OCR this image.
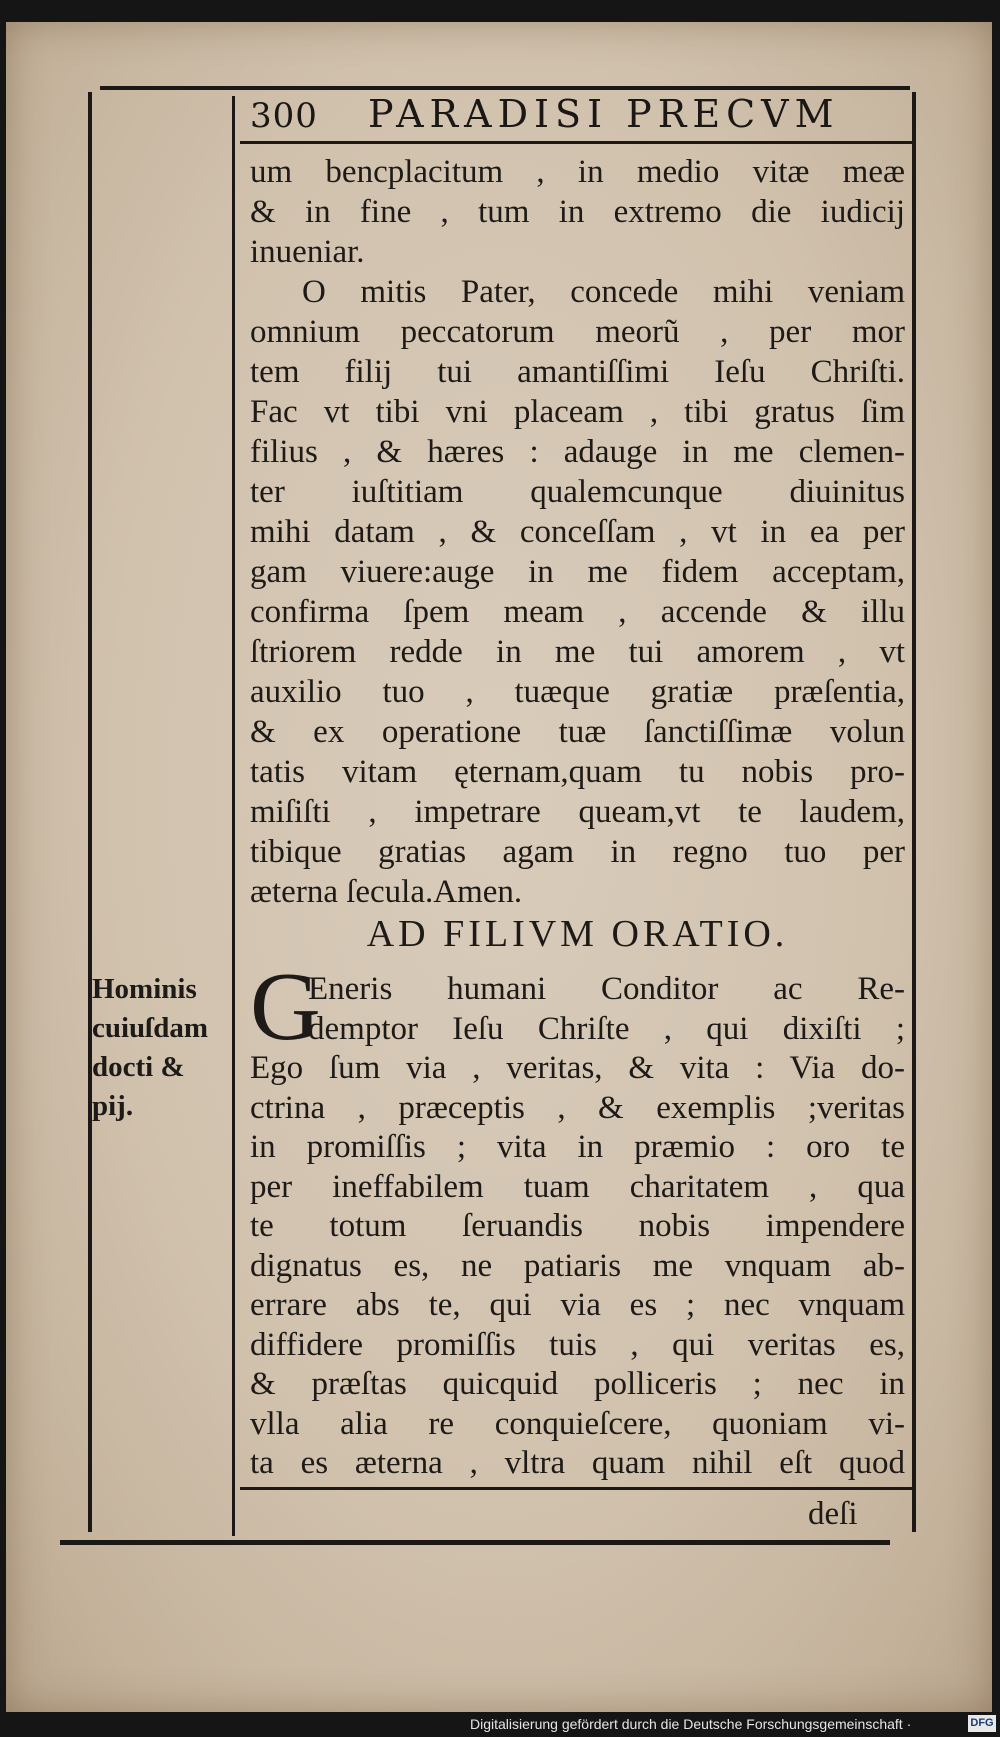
300 PARADISI PRECVM
um bencplacitum , in medio vitæ meæ
& in fine , tum in extremo die iudicij
inueniar.
O mitis Pater, concede mihi veniam
omnium peccatorum meorũ , per mor
tem filij tui amantiſſimi Ieſu Chriſti.
Fac vt tibi vni placeam , tibi gratus ſim
filius , & hæres : adauge in me clemen-
ter iuſtitiam qualemcunque diuinitus
mihi datam , & conceſſam , vt in ea per
gam viuere:auge in me fidem acceptam,
confirma ſpem meam , accende & illu
ſtriorem redde in me tui amorem , vt
auxilio tuo , tuæque gratiæ præſentia,
& ex operatione tuæ ſanctiſſimæ volun
tatis vitam ęternam,quam tu nobis pro-
miſiſti , impetrare queam,vt te laudem,
tibique gratias agam in regno tuo per
æterna ſecula.Amen.
AD FILIVM ORATIO.
Hominis
cuiuſdam
docti &
pij.
G
Eneris humani Conditor ac Re-
demptor Ieſu Chriſte , qui dixiſti ;
Ego ſum via , veritas, & vita : Via do-
ctrina , præceptis , & exemplis ;veritas
in promiſſis ; vita in præmio : oro te
per ineffabilem tuam charitatem , qua
te totum ſeruandis nobis impendere
dignatus es, ne patiaris me vnquam ab-
errare abs te, qui via es ; nec vnquam
diffidere promiſſis tuis , qui veritas es,
& præſtas quicquid polliceris ; nec in
vlla alia re conquieſcere, quoniam vi-
ta es æterna , vltra quam nihil eſt quod
deſi
Digitalisierung gefördert durch die Deutsche Forschungsgemeinschaft ·	DFG
